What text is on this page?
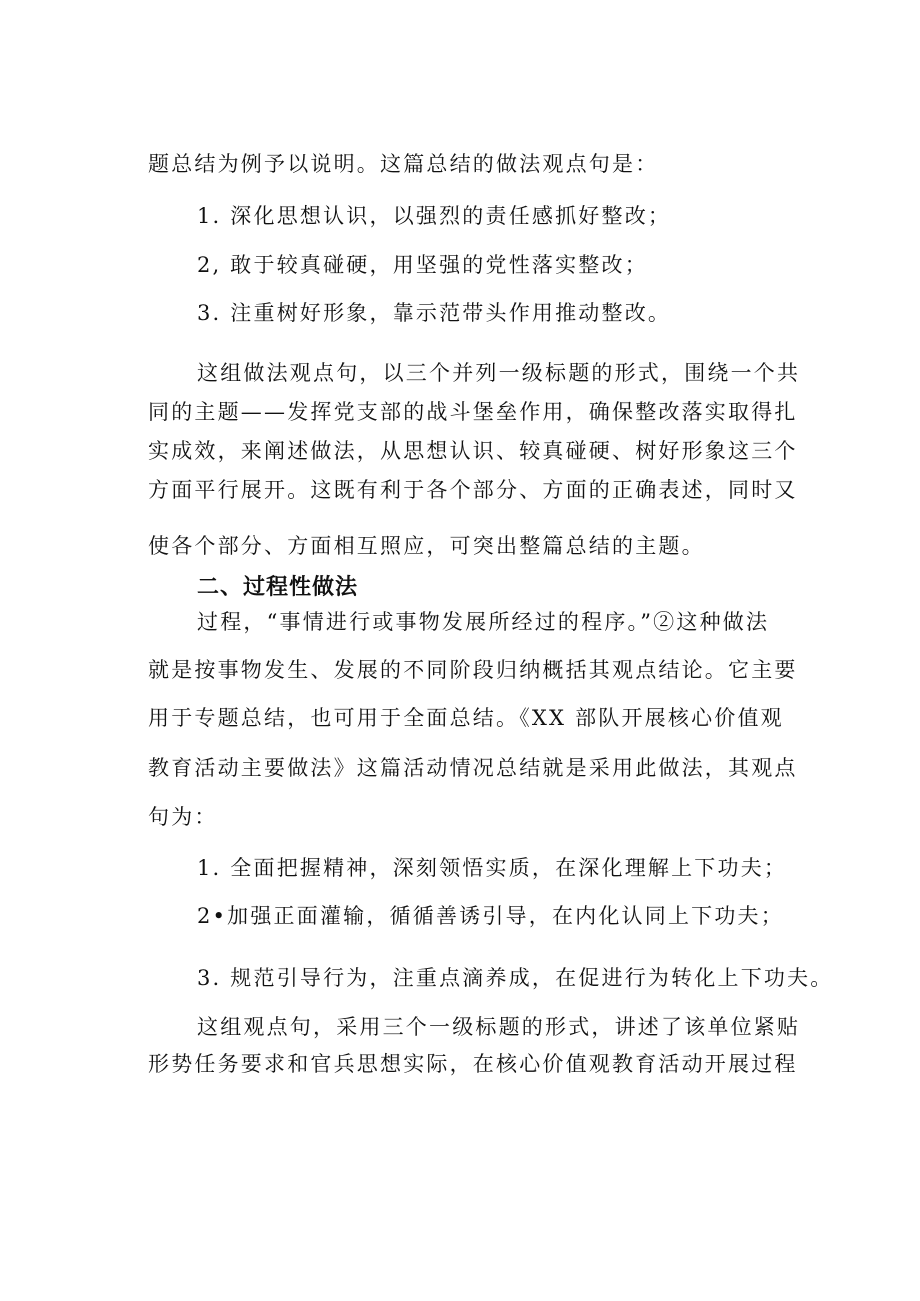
题总结为例予以说明。这篇总结的做法观点句是：
1. 深化思想认识，以强烈的责任感抓好整改；
2, 敢于较真碰硬，用坚强的党性落实整改；
3. 注重树好形象，靠示范带头作用推动整改。
这组做法观点句，以三个并列一级标题的形式，围绕一个共
同的主题——发挥党支部的战斗堡垒作用，确保整改落实取得扎
实成效，来阐述做法，从思想认识、较真碰硬、树好形象这三个
方面平行展开。这既有利于各个部分、方面的正确表述，同时又
使各个部分、方面相互照应，可突出整篇总结的主题。
二、过程性做法
过程，“事情进行或事物发展所经过的程序。”②这种做法
就是按事物发生、发展的不同阶段归纳概括其观点结论。它主要
用于专题总结，也可用于全面总结。《XX 部队开展核心价值观
教育活动主要做法》这篇活动情况总结就是采用此做法，其观点
句为：
1. 全面把握精神，深刻领悟实质，在深化理解上下功夫；
2•加强正面灌输，循循善诱引导，在内化认同上下功夫；
3. 规范引导行为，注重点滴养成，在促进行为转化上下功夫。
这组观点句，采用三个一级标题的形式，讲述了该单位紧贴
形势任务要求和官兵思想实际，在核心价值观教育活动开展过程
